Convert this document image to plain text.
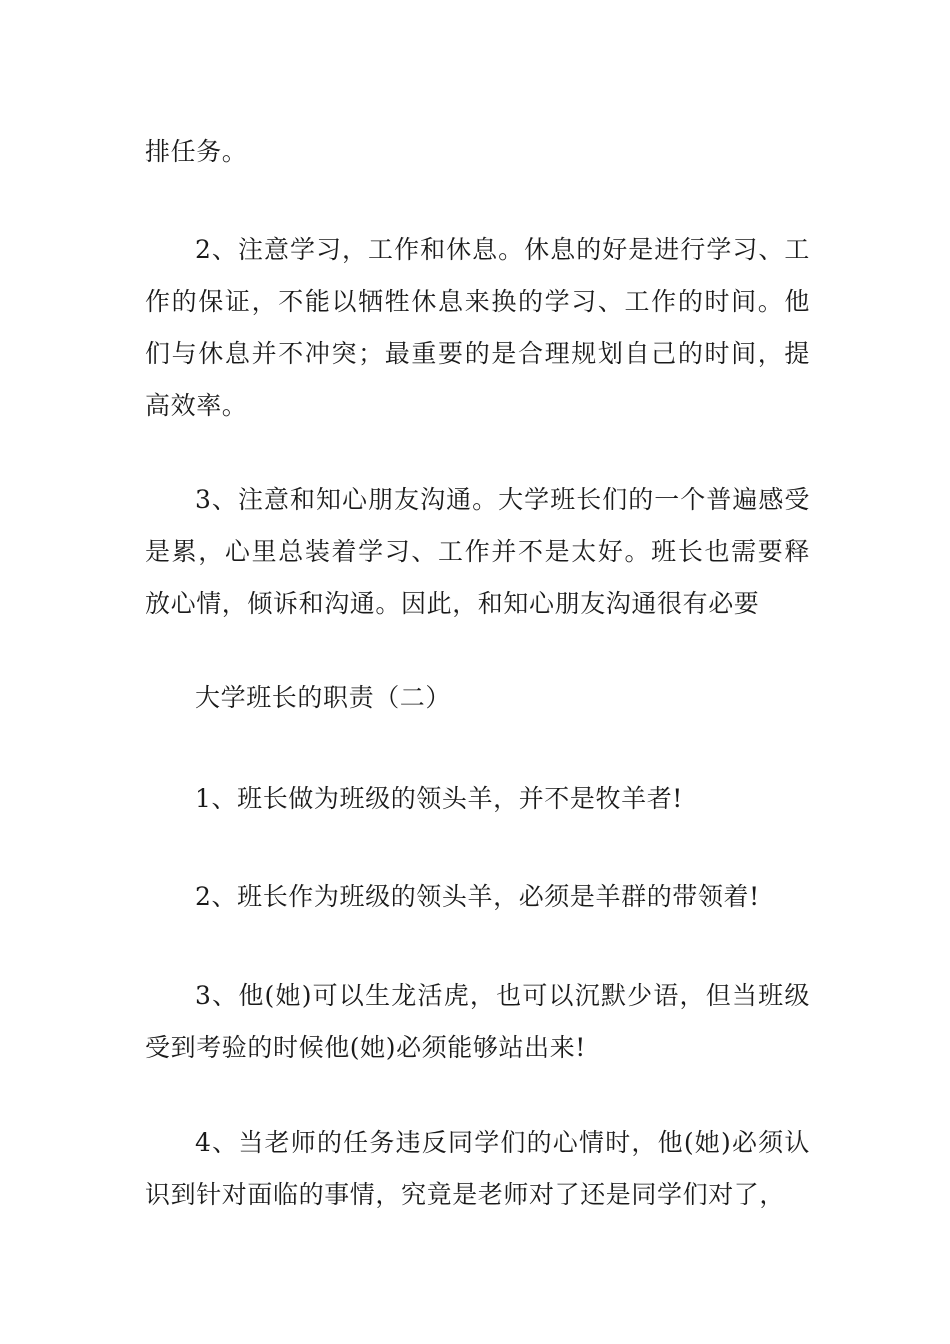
排任务。

2、注意学习，工作和休息。休息的好是进行学习、工作的保证，不能以牺牲休息来换的学习、工作的时间。他们与休息并不冲突；最重要的是合理规划自己的时间，提高效率。

3、注意和知心朋友沟通。大学班长们的一个普遍感受是累，心里总装着学习、工作并不是太好。班长也需要释放心情，倾诉和沟通。因此，和知心朋友沟通很有必要

大学班长的职责（二）

1、班长做为班级的领头羊，并不是牧羊者!

2、班长作为班级的领头羊，必须是羊群的带领着!

3、他(她)可以生龙活虎，也可以沉默少语，但当班级受到考验的时候他(她)必须能够站出来!

4、当老师的任务违反同学们的心情时，他(她)必须认识到针对面临的事情，究竟是老师对了还是同学们对了，
